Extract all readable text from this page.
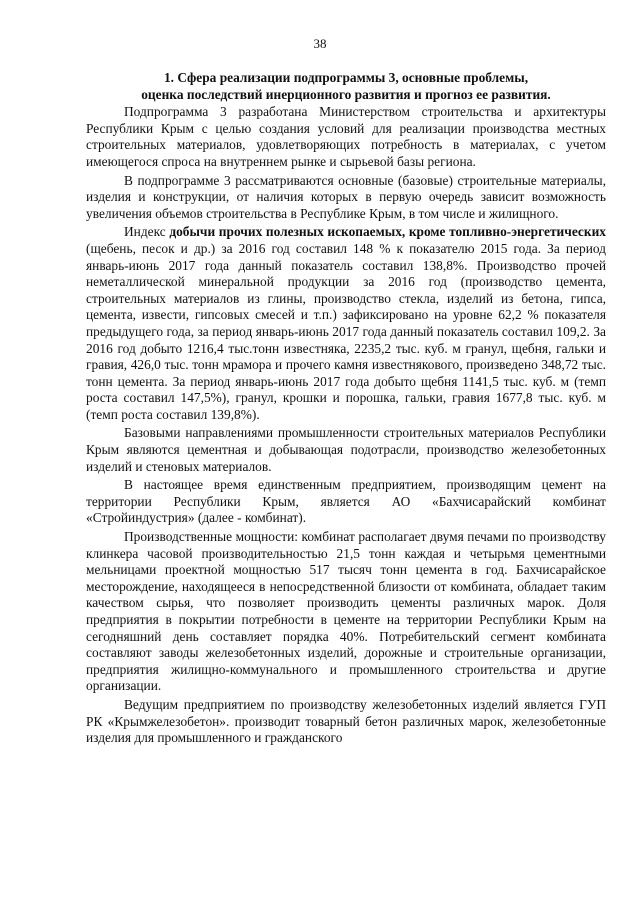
38
1. Сфера реализации подпрограммы 3, основные проблемы,
оценка последствий инерционного развития и прогноз ее развития.

Подпрограмма 3 разработана Министерством строительства и архитектуры Республики Крым с целью создания условий для реализации производства местных строительных материалов, удовлетворяющих потребность в материалах, с учетом имеющегося спроса на внутреннем рынке и сырьевой базы региона.

В подпрограмме 3 рассматриваются основные (базовые) строительные материалы, изделия и конструкции, от наличия которых в первую очередь зависит возможность увеличения объемов строительства в Республике Крым, в том числе и жилищного.

Индекс добычи прочих полезных ископаемых, кроме топливно-энергетических (щебень, песок и др.) за 2016 год составил 148 % к показателю 2015 года. За период январь-июнь 2017 года данный показатель составил 138,8%. Производство прочей неметаллической минеральной продукции за 2016 год (производство цемента, строительных материалов из глины, производство стекла, изделий из бетона, гипса, цемента, извести, гипсовых смесей и т.п.) зафиксировано на уровне 62,2 % показателя предыдущего года, за период январь-июнь 2017 года данный показатель составил 109,2. За 2016 год добыто 1216,4 тыс.тонн известняка, 2235,2 тыс. куб. м гранул, щебня, гальки и гравия, 426,0 тыс. тонн мрамора и прочего камня известнякового, произведено 348,72 тыс. тонн цемента. За период январь-июнь 2017 года добыто щебня 1141,5 тыс. куб. м (темп роста составил 147,5%), гранул, крошки и порошка, гальки, гравия 1677,8 тыс. куб. м (темп роста составил 139,8%).

Базовыми направлениями промышленности строительных материалов Республики Крым являются цементная и добывающая подотрасли, производство железобетонных изделий и стеновых материалов.

В настоящее время единственным предприятием, производящим цемент на территории Республики Крым, является АО «Бахчисарайский комбинат «Стройиндустрия» (далее - комбинат).

Производственные мощности: комбинат располагает двумя печами по производству клинкера часовой производительностью 21,5 тонн каждая и четырьмя цементными мельницами проектной мощностью 517 тысяч тонн цемента в год. Бахчисарайское месторождение, находящееся в непосредственной близости от комбината, обладает таким качеством сырья, что позволяет производить цементы различных марок. Доля предприятия в покрытии потребности в цементе на территории Республики Крым на сегодняшний день составляет порядка 40%. Потребительский сегмент комбината составляют заводы железобетонных изделий, дорожные и строительные организации, предприятия жилищно-коммунального и промышленного строительства и другие организации.

Ведущим предприятием по производству железобетонных изделий является ГУП РК «Крымжелезобетон». производит товарный бетон различных марок, железобетонные изделия для промышленного и гражданского
